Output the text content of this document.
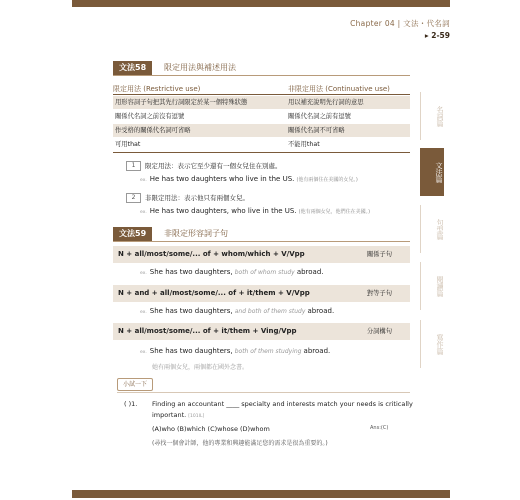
Chapter 04 | 文法・代名詞
▸ 2-59
文法58	限定用法與補述用法
限定用法 (Restrictive use)	非限定用法 (Continuative use)
用形容詞子句把其先行詞限定於某一個特殊狀態	用以補充說明先行詞的意思
關係代名詞之前沒有逗號	關係代名詞之前有逗號
作受格的關係代名詞可省略	關係代名詞不可省略
可用that	不能用that
1	限定用法：表示它至少還有一個女兒住在別處。
ex. He has two daughters who live in the US. (他有兩個住在美國的女兒。)
2	非限定用法：表示他只有兩個女兒。
ex. He has two daughters, who live in the US. (他有兩個女兒，他們住在美國。)
文法59	非限定形容詞子句
N + all/most/some/... of + whom/which + V/Vpp	關係子句
ex. She has two daughters, both of whom study abroad.
N + and + all/most/some/... of + it/them + V/Vpp	對等子句
ex. She has two daughters, and both of them study abroad.
N + all/most/some/... of + it/them + Ving/Vpp	分詞構句
ex. She has two daughters, both of them studying abroad.
她有兩個女兒，兩個都在國外念書。
小試一下
( )1. Finding an accountant ____ specialty and interests match your needs is critically
important. [101IL]
(A)who (B)which (C)whose (D)whom	Ans:(C)
(尋找一個會計師，他的專業和興趣能滿足您的需求是很為重要的。)
名詞篇
文法篇
句型篇
閱讀篇
寫作篇
